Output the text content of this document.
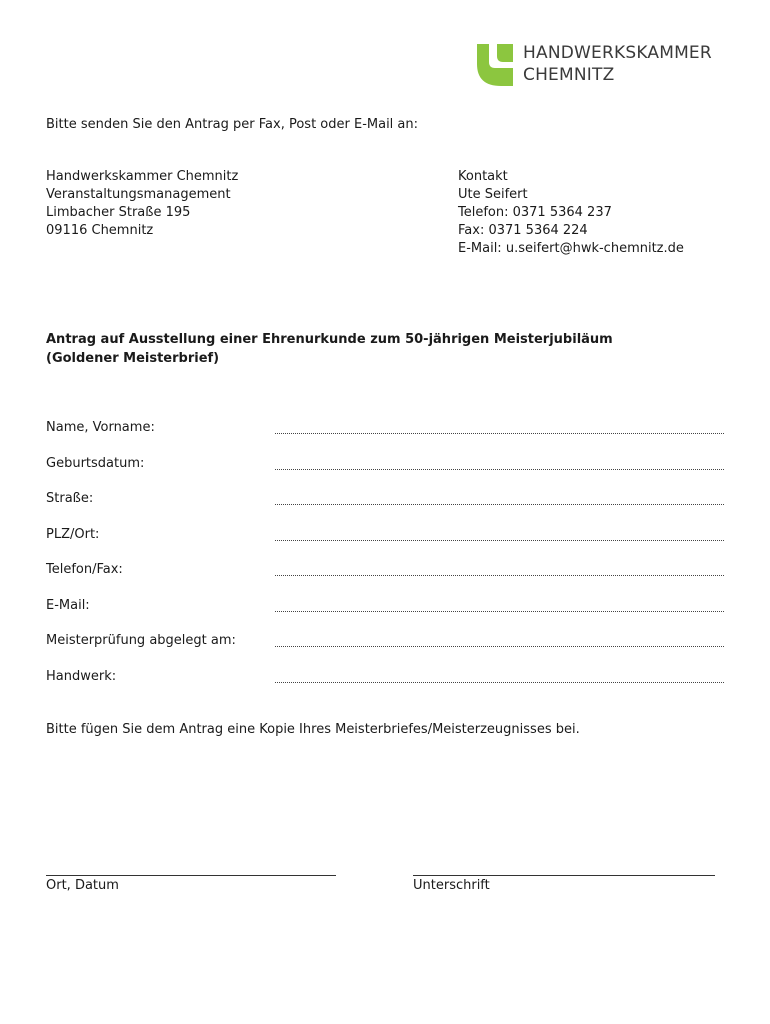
HANDWERKSKAMMER
CHEMNITZ
Bitte senden Sie den Antrag per Fax, Post oder E-Mail an:
Handwerkskammer Chemnitz
Veranstaltungsmanagement
Limbacher Straße 195
09116 Chemnitz
Kontakt
Ute Seifert
Telefon: 0371 5364 237
Fax: 0371 5364 224
E-Mail: u.seifert@hwk-chemnitz.de
Antrag auf Ausstellung einer Ehrenurkunde zum 50-jährigen Meisterjubiläum
(Goldener Meisterbrief)
Name, Vorname:
Geburtsdatum:
Straße:
PLZ/Ort:
Telefon/Fax:
E-Mail:
Meisterprüfung abgelegt am:
Handwerk:
Bitte fügen Sie dem Antrag eine Kopie Ihres Meisterbriefes/Meisterzeugnisses bei.
Ort, Datum	Unterschrift
